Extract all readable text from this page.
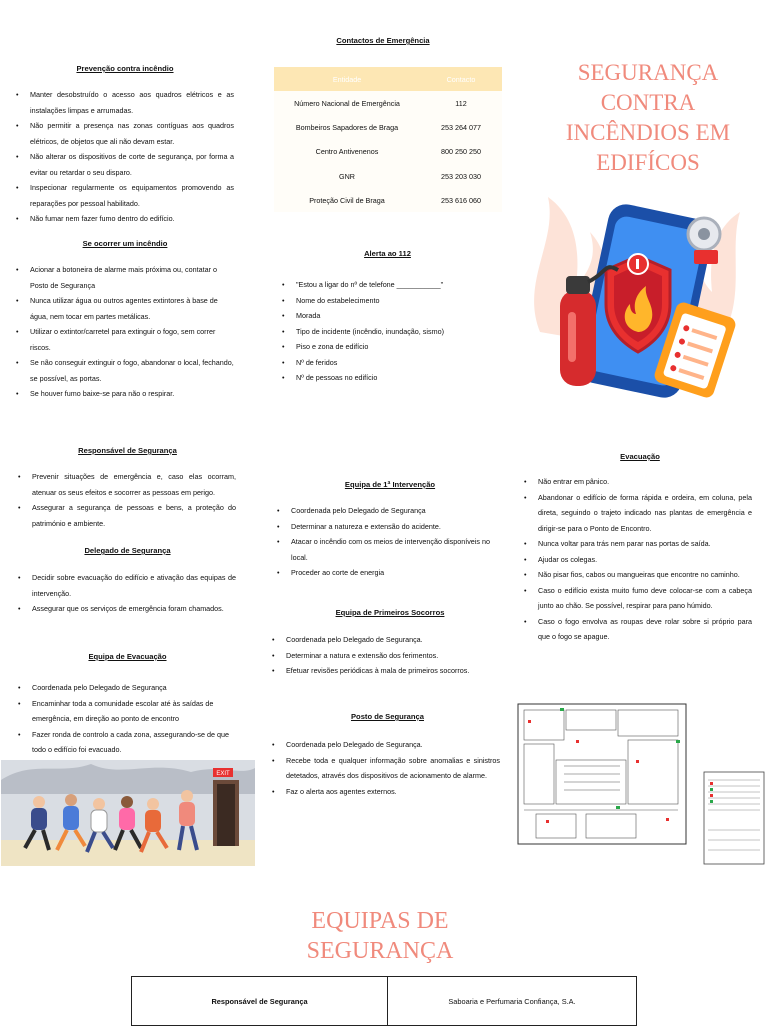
Prevenção contra incêndio
• Manter desobstruído o acesso aos quadros elétricos e as instalações limpas e arrumadas.
• Não permitir a presença nas zonas contíguas aos quadros elétricos, de objetos que ali não devam estar.
• Não alterar os dispositivos de corte de segurança, por forma a evitar ou retardar o seu disparo.
• Inspecionar regularmente os equipamentos promovendo as reparações por pessoal habilitado.
• Não fumar nem fazer fumo dentro do edifício.
Se ocorrer um incêndio
• Acionar a botoneira de alarme mais próxima ou, contatar o Posto de Segurança
• Nunca utilizar água ou outros agentes extintores à base de água, nem tocar em partes metálicas.
• Utilizar o extintor/carretel para extinguir o fogo, sem correr riscos.
• Se não conseguir extinguir o fogo, abandonar o local, fechando, se possível, as portas.
• Se houver fumo baixe-se para não o respirar.
Contactos de Emergência
Entidade	Contacto
Número Nacional de Emergência	112
Bombeiros Sapadores de Braga	253 264 077
Centro Antivenenos	800 250 250
GNR	253 203 030
Proteção Civil de Braga	253 616 060
Alerta ao 112
• "Estou a ligar do nº de telefone ___________"
• Nome do estabelecimento
• Morada
• Tipo de incidente (incêndio, inundação, sismo)
• Piso e zona de edifício
• Nº de feridos
• Nº de pessoas no edifício
SEGURANÇA CONTRA INCÊNDIOS EM EDIFÍCOS
Responsável de Segurança
• Prevenir situações de emergência e, caso elas ocorram, atenuar os seus efeitos e socorrer as pessoas em perigo.
• Assegurar a segurança de pessoas e bens, a proteção do património e ambiente.
Delegado de Segurança
• Decidir sobre evacuação do edifício e ativação das equipas de intervenção.
• Assegurar que os serviços de emergência foram chamados.
Equipa de Evacuação
• Coordenada pelo Delegado de Segurança
• Encaminhar toda a comunidade escolar até às saídas de emergência, em direção ao ponto de encontro
• Fazer ronda de controlo a cada zona, assegurando-se de que todo o edifício foi evacuado.
EXIT
Equipa de 1ª Intervenção
• Coordenada pelo Delegado de Segurança
• Determinar a natureza e extensão do acidente.
• Atacar o incêndio com os meios de intervenção disponíveis no local.
• Proceder ao corte de energia
Equipa de Primeiros Socorros
• Coordenada pelo Delegado de Segurança.
• Determinar a natura e extensão dos ferimentos.
• Efetuar revisões periódicas à mala de primeiros socorros.
Posto de Segurança
• Coordenada pelo Delegado de Segurança.
• Recebe toda e qualquer informação sobre anomalias e sinistros detetados, através dos dispositivos de acionamento de alarme.
• Faz o alerta aos agentes externos.
Evacuação
• Não entrar em pânico.
• Abandonar o edifício de forma rápida e ordeira, em coluna, pela direta, seguindo o trajeto indicado nas plantas de emergência e dirigir-se para o Ponto de Encontro.
• Nunca voltar para trás nem parar nas portas de saída.
• Ajudar os colegas.
• Não pisar fios, cabos ou mangueiras que encontre no caminho.
• Caso o edifício exista muito fumo deve colocar-se com a cabeça junto ao chão. Se possível, respirar para pano húmido.
• Caso o fogo envolva as roupas deve rolar sobre si próprio para que o fogo se apague.
EQUIPAS DE SEGURANÇA
Responsável de Segurança	Saboaria e Perfumaria Confiança, S.A.
